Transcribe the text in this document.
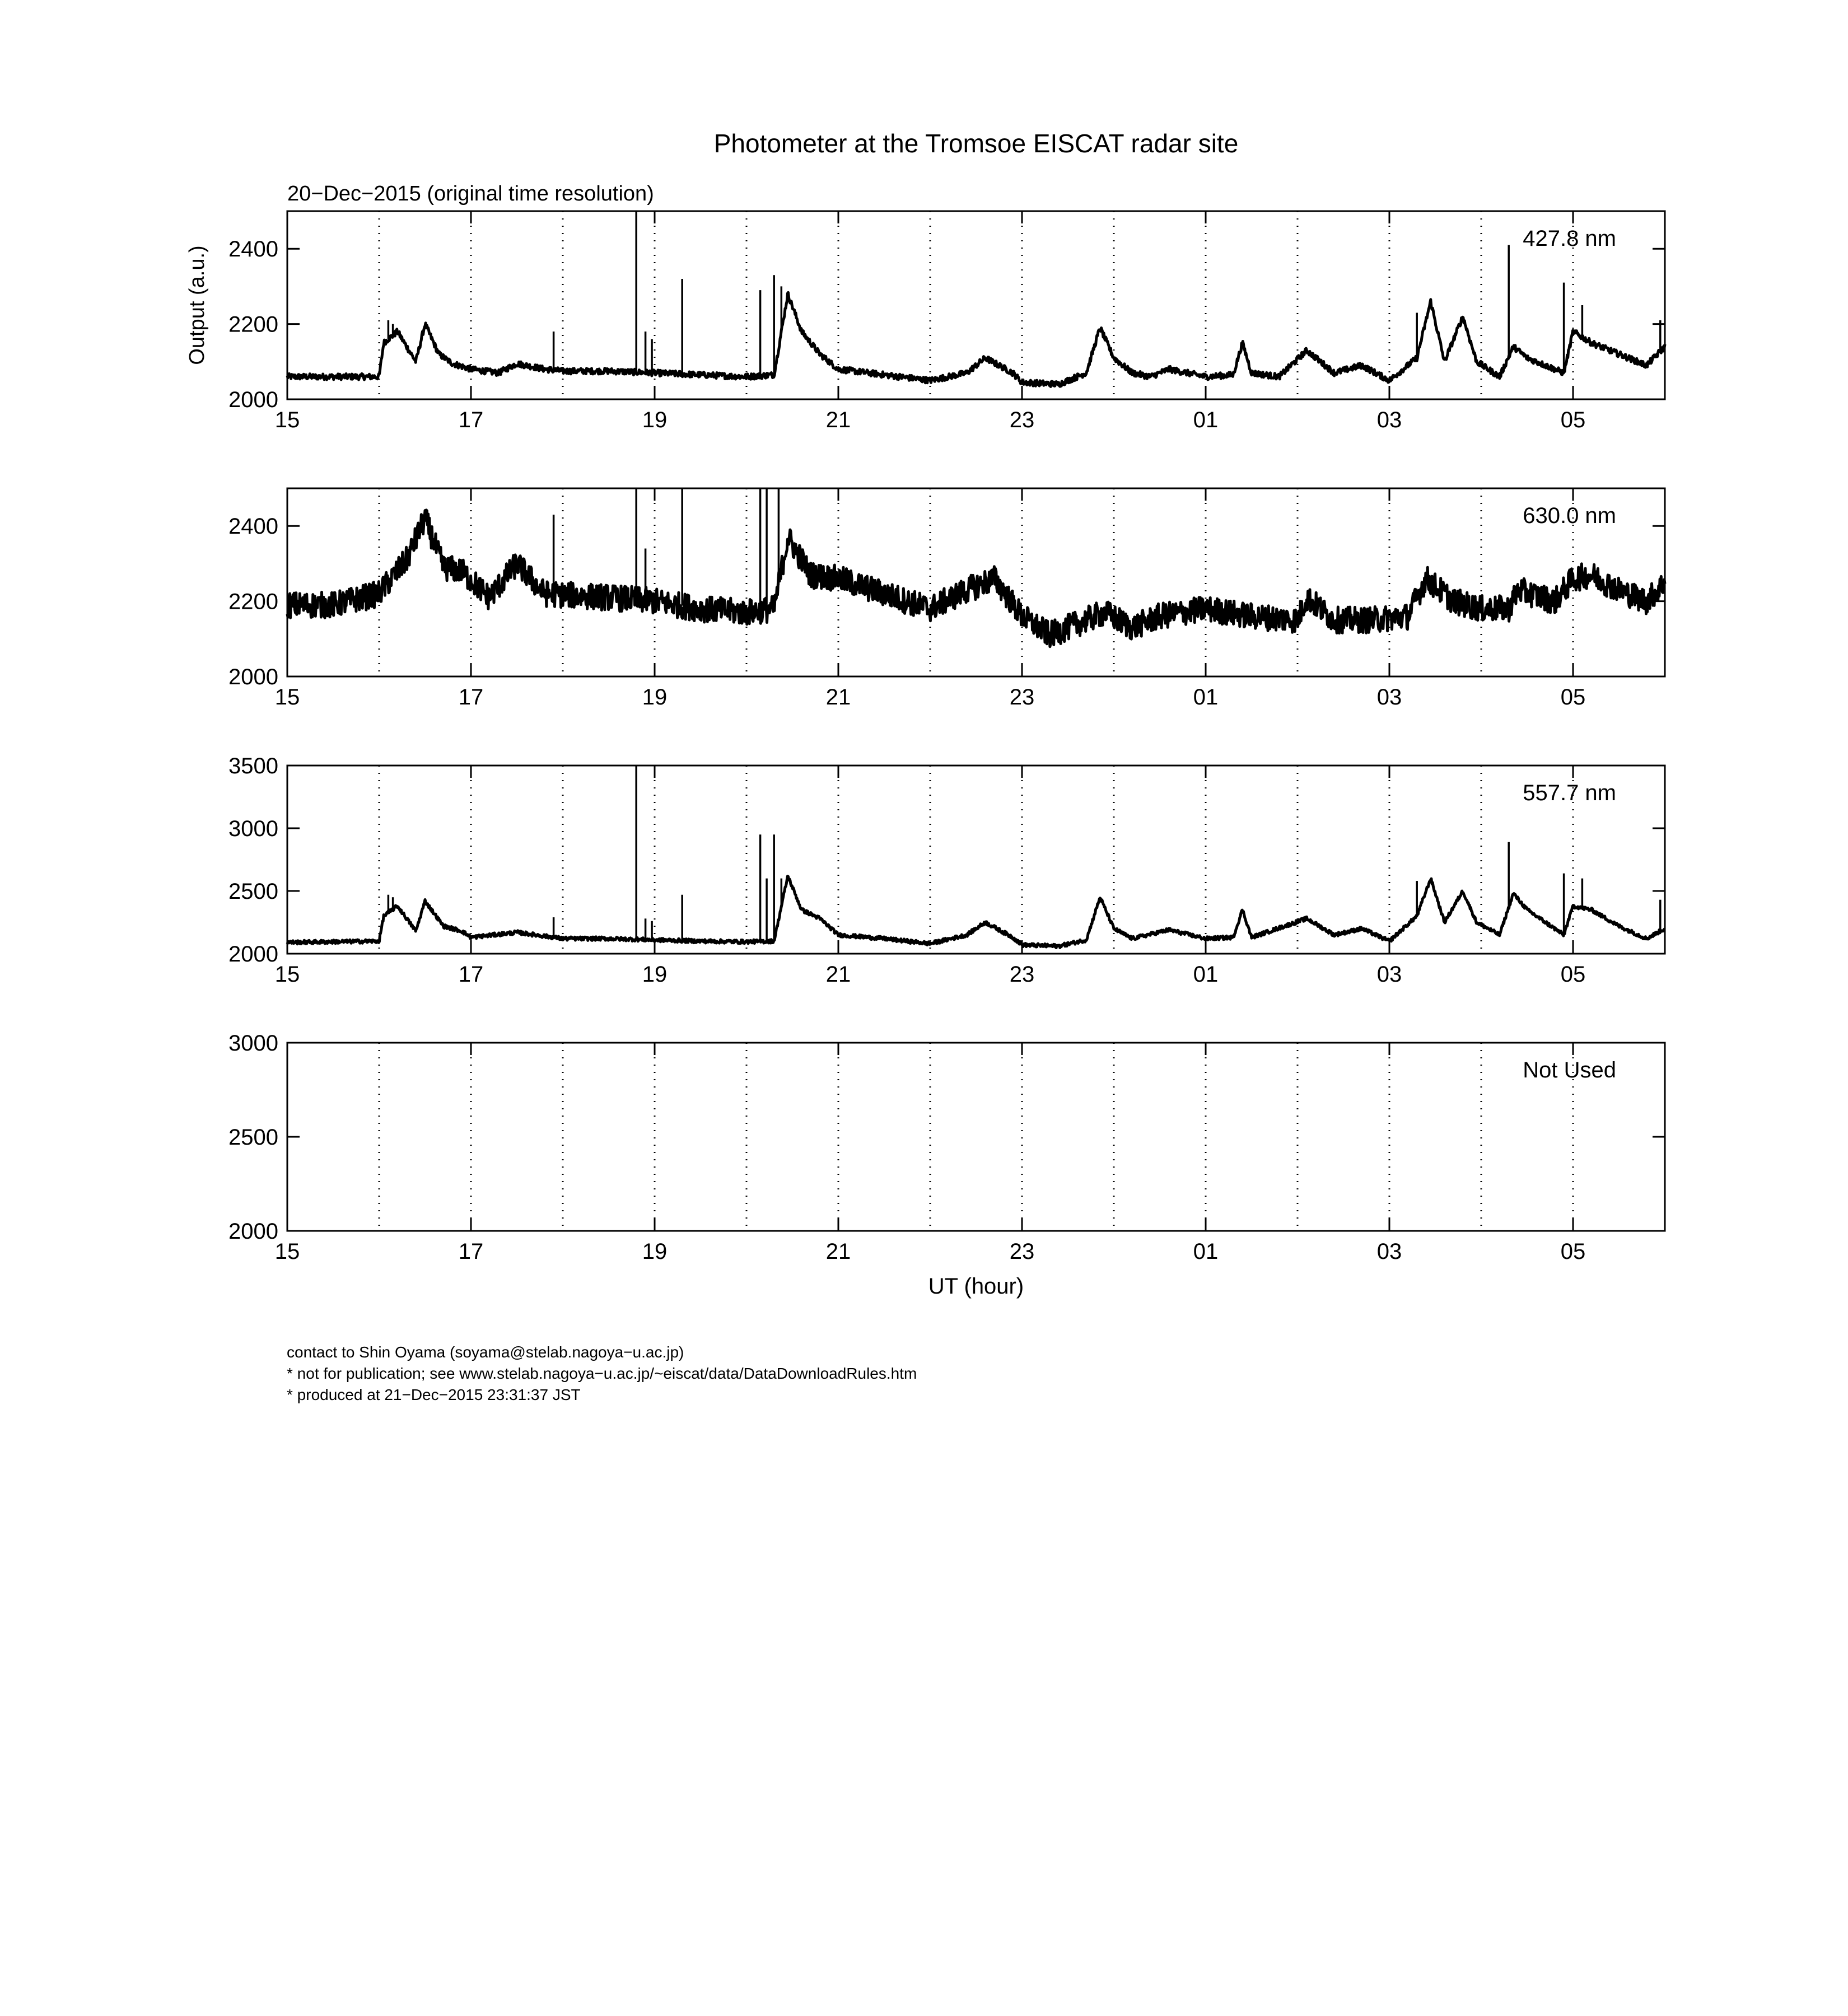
Photometer at the Tromsoe EISCAT radar site
20−Dec−2015 (original time resolution)
Output (a.u.)
UT (hour)
2000
2200
2400
15	17	19	21	23	01	03	05
427.8 nm
2000
2200
2400
15	17	19	21	23	01	03	05
630.0 nm
2000
2500
3000
3500
15	17	19	21	23	01	03	05
557.7 nm
2000
2500
3000
15	17	19	21	23	01	03	05
Not Used
contact to Shin Oyama (soyama@stelab.nagoya−u.ac.jp)
* not for publication; see www.stelab.nagoya−u.ac.jp/~eiscat/data/DataDownloadRules.htm
* produced at 21−Dec−2015 23:31:37 JST
